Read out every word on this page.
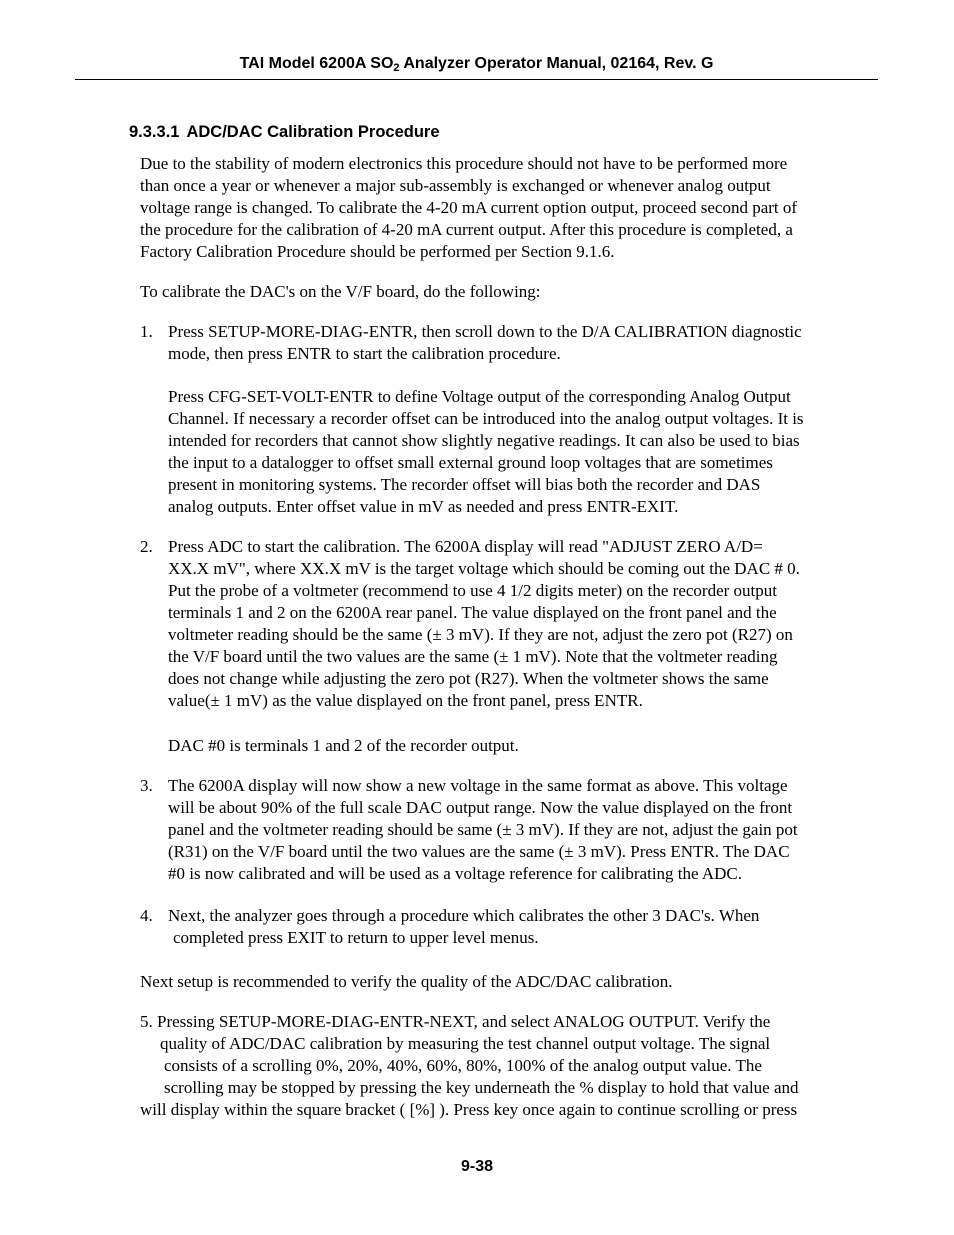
TAI Model 6200A $SO_2$ Analyzer Operator Manual, 02164, Rev. G
9.3.3.1 ADC/DAC Calibration Procedure
Due to the stability of modern electronics this procedure should not have to be performed more
than once a year or whenever a major sub-assembly is exchanged or whenever analog output
voltage range is changed. To calibrate the 4-20 mA current option output, proceed second part of
the procedure for the calibration of 4-20 mA current output. After this procedure is completed, a
Factory Calibration Procedure should be performed per Section 9.1.6.
To calibrate the DAC's on the V/F board, do the following:
1. Press SETUP-MORE-DIAG-ENTR, then scroll down to the D/A CALIBRATION diagnostic
mode, then press ENTR to start the calibration procedure.
Press CFG-SET-VOLT-ENTR to define Voltage output of the corresponding Analog Output
Channel. If necessary a recorder offset can be introduced into the analog output voltages. It is
intended for recorders that cannot show slightly negative readings. It can also be used to bias
the input to a datalogger to offset small external ground loop voltages that are sometimes
present in monitoring systems. The recorder offset will bias both the recorder and DAS
analog outputs. Enter offset value in mV as needed and press ENTR-EXIT.
2. Press ADC to start the calibration. The 6200A display will read "ADJUST ZERO A/D=
XX.X mV", where XX.X mV is the target voltage which should be coming out the DAC # 0.
Put the probe of a voltmeter (recommend to use 4 1/2 digits meter) on the recorder output
terminals 1 and 2 on the 6200A rear panel. The value displayed on the front panel and the
voltmeter reading should be the same (± 3 mV). If they are not, adjust the zero pot (R27) on
the V/F board until the two values are the same (± 1 mV). Note that the voltmeter reading
does not change while adjusting the zero pot (R27). When the voltmeter shows the same
value(± 1 mV) as the value displayed on the front panel, press ENTR.
DAC #0 is terminals 1 and 2 of the recorder output.
3. The 6200A display will now show a new voltage in the same format as above. This voltage
will be about 90% of the full scale DAC output range. Now the value displayed on the front
panel and the voltmeter reading should be same (± 3 mV). If they are not, adjust the gain pot
(R31) on the V/F board until the two values are the same (± 3 mV). Press ENTR. The DAC
#0 is now calibrated and will be used as a voltage reference for calibrating the ADC.
4. Next, the analyzer goes through a procedure which calibrates the other 3 DAC's. When
completed press EXIT to return to upper level menus.
Next setup is recommended to verify the quality of the ADC/DAC calibration.
5. Pressing SETUP-MORE-DIAG-ENTR-NEXT, and select ANALOG OUTPUT. Verify the
quality of ADC/DAC calibration by measuring the test channel output voltage. The signal
consists of a scrolling 0%, 20%, 40%, 60%, 80%, 100% of the analog output value. The
scrolling may be stopped by pressing the key underneath the % display to hold that value and
will display within the square bracket ( [%] ). Press key once again to continue scrolling or press
9-38
